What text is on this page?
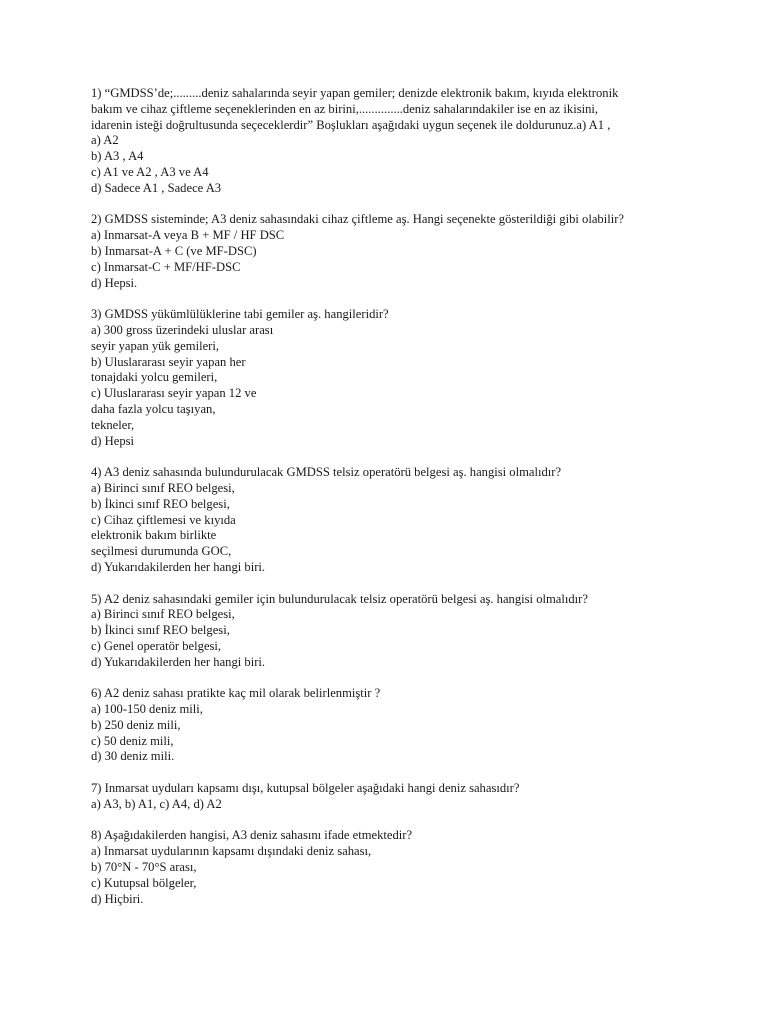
1) “GMDSS’de;.........deniz sahalarında seyir yapan gemiler; denizde elektronik bakım, kıyıda elektronik
bakım ve cihaz çiftleme seçeneklerinden en az birini,..............deniz sahalarındakiler ise en az ikisini,
idarenin isteği doğrultusunda seçeceklerdir” Boşlukları aşağıdaki uygun seçenek ile doldurunuz.a) A1 ,
a) A2
b) A3 , A4
c) A1 ve A2 , A3 ve A4
d) Sadece A1 , Sadece A3
2) GMDSS sisteminde; A3 deniz sahasındaki cihaz çiftleme aş. Hangi seçenekte gösterildiği gibi olabilir?
a) Inmarsat-A veya B + MF / HF DSC
b) Inmarsat-A + C (ve MF-DSC)
c) Inmarsat-C + MF/HF-DSC
d) Hepsi.
3) GMDSS yükümlülüklerine tabi gemiler aş. hangileridir?
a) 300 gross üzerindeki uluslar arası
seyir yapan yük gemileri,
b) Uluslararası seyir yapan her
tonajdaki yolcu gemileri,
c) Uluslararası seyir yapan 12 ve
daha fazla yolcu taşıyan,
tekneler,
d) Hepsi
4) A3 deniz sahasında bulundurulacak GMDSS telsiz operatörü belgesi aş. hangisi olmalıdır?
a) Birinci sınıf REO belgesi,
b) İkinci sınıf REO belgesi,
c) Cihaz çiftlemesi ve kıyıda
elektronik bakım birlikte
seçilmesi durumunda GOC,
d) Yukarıdakilerden her hangi biri.
5) A2 deniz sahasındaki gemiler için bulundurulacak telsiz operatörü belgesi aş. hangisi olmalıdır?
a) Birinci sınıf REO belgesi,
b) İkinci sınıf REO belgesi,
c) Genel operatör belgesi,
d) Yukarıdakilerden her hangi biri.
6) A2 deniz sahası pratikte kaç mil olarak belirlenmiştir ?
a) 100-150 deniz mili,
b) 250 deniz mili,
c) 50 deniz mili,
d) 30 deniz mili.
7) Inmarsat uyduları kapsamı dışı, kutupsal bölgeler aşağıdaki hangi deniz sahasıdır?
a) A3, b) A1, c) A4, d) A2
8) Aşağıdakilerden hangisi, A3 deniz sahasını ifade etmektedir?
a) Inmarsat uydularının kapsamı dışındaki deniz sahası,
b) 70°N - 70°S arası,
c) Kutupsal bölgeler,
d) Hiçbiri.
